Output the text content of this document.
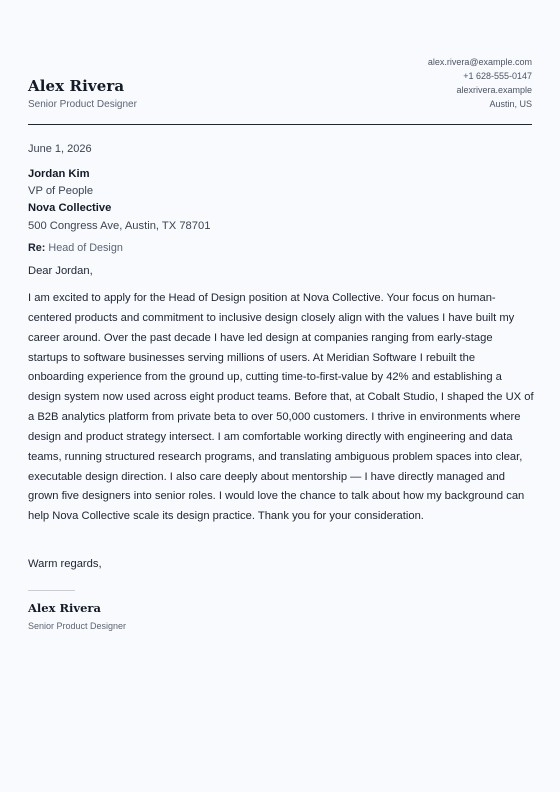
Alex Rivera
Senior Product Designer
alex.rivera@example.com
+1 628-555-0147
alexrivera.example
Austin, US
June 1, 2026
Jordan Kim
VP of People
Nova Collective
500 Congress Ave, Austin, TX 78701
Re: Head of Design
Dear Jordan,
I am excited to apply for the Head of Design position at Nova Collective. Your focus on human-centered products and commitment to inclusive design closely align with the values I have built my career around. Over the past decade I have led design at companies ranging from early-stage startups to software businesses serving millions of users. At Meridian Software I rebuilt the onboarding experience from the ground up, cutting time-to-first-value by 42% and establishing a design system now used across eight product teams. Before that, at Cobalt Studio, I shaped the UX of a B2B analytics platform from private beta to over 50,000 customers. I thrive in environments where design and product strategy intersect. I am comfortable working directly with engineering and data teams, running structured research programs, and translating ambiguous problem spaces into clear, executable design direction. I also care deeply about mentorship — I have directly managed and grown five designers into senior roles. I would love the chance to talk about how my background can help Nova Collective scale its design practice. Thank you for your consideration.
Warm regards,
Alex Rivera
Senior Product Designer
